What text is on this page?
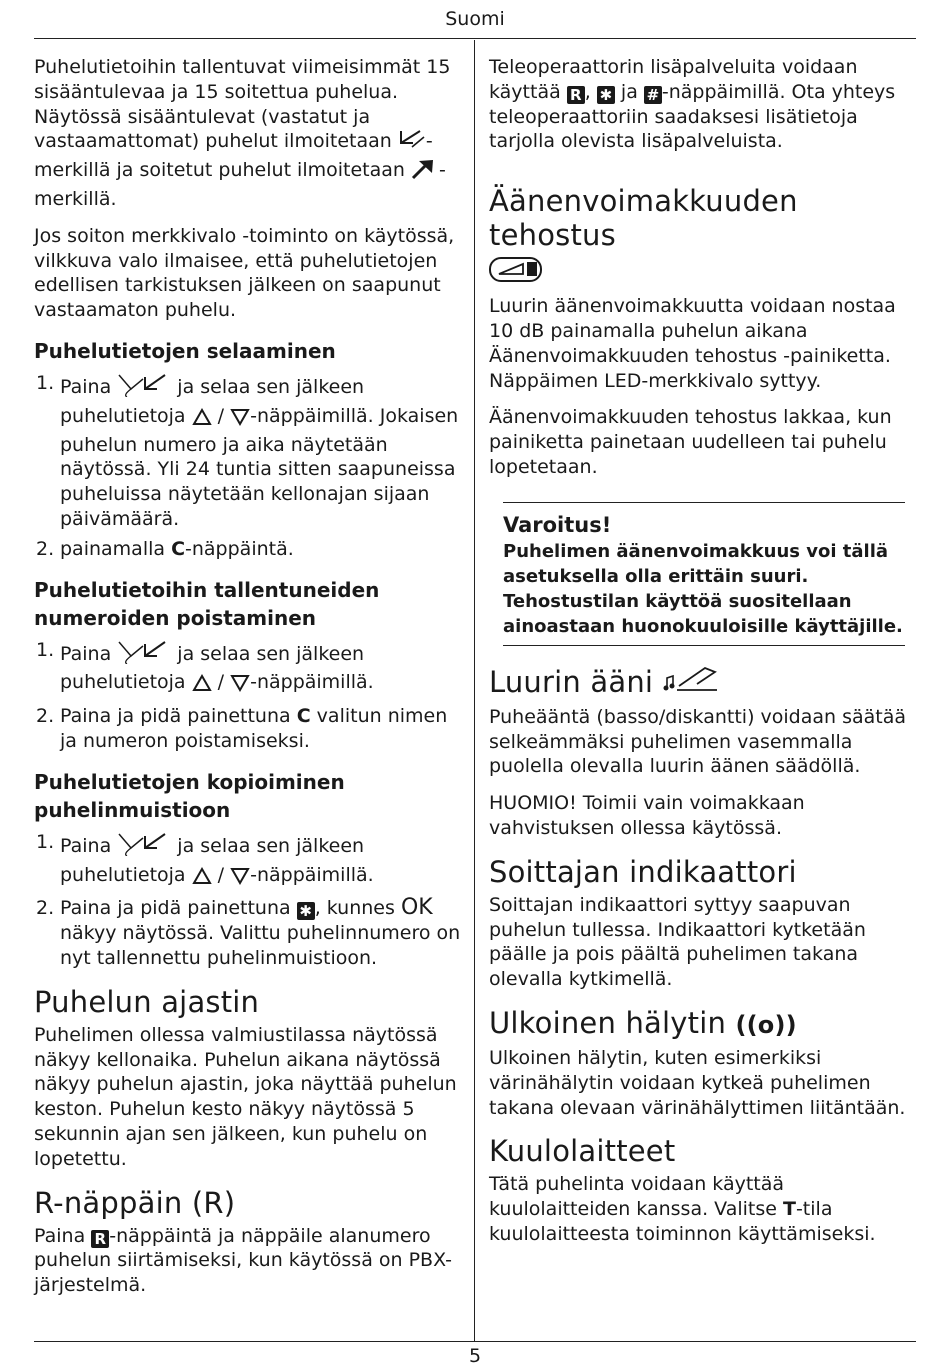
Suomi

Puhelutietoihin tallentuvat viimeisimmät 15 sisääntulevaa ja 15 soitettua puhelua. Näytössä sisääntulevat (vastatut ja vastaamattomat) puhelut ilmoitetaan -merkillä ja soitetut puhelut ilmoitetaan -merkillä.

Jos soiton merkkivalo -toiminto on käytössä, vilkkuva valo ilmaisee, että puhelutietojen edellisen tarkistuksen jälkeen on saapunut vastaamaton puhelu.

Puhelutietojen selaaminen
1. Paina	ja selaa sen jälkeen puhelutietoja  / -näppäimillä. Jokaisen puhelun numero ja aika näytetään näytössä. Yli 24 tuntia sitten saapuneissa puheluissa näytetään kellonajan sijaan päivämäärä.
2. painamalla C-näppäintä.
Puhelutietoihin tallentuneiden numeroiden poistaminen
1. Paina	ja selaa sen jälkeen puhelutietoja  / -näppäimillä.
2. Paina ja pidä painettuna C valitun nimen ja numeron poistamiseksi.
Puhelutietojen kopioiminen puhelinmuistioon
1. Paina	ja selaa sen jälkeen puhelutietoja  / -näppäimillä.
2. Paina ja pidä painettuna ✱ , kunnes OK näkyy näytössä. Valittu puhelinnumero on nyt tallennettu puhelinmuistioon.
Puhelun ajastin

Puhelimen ollessa valmiustilassa näytössä näkyy kellonaika. Puhelun aikana näytössä näkyy puhelun ajastin, joka näyttää puhelun keston. Puhelun kesto näkyy näytössä 5 sekunnin ajan sen jälkeen, kun puhelu on lopetettu.

R-näppäin (R)

Paina R -näppäintä ja näppäile alanumero puhelun siirtämiseksi, kun käytössä on PBX-järjestelmä.

Teleoperaattorin lisäpalveluita voidaan käyttää R , ✱ ja # -näppäimillä. Ota yhteys teleoperaattoriin saadaksesi lisätietoja tarjolla olevista lisäpalveluista.

Äänenvoimakkuuden tehostus

Luurin äänenvoimakkuutta voidaan nostaa 10 dB painamalla puhelun aikana Äänenvoimakkuuden tehostus -painiketta. Näppäimen LED-merkkivalo syttyy.

Äänenvoimakkuuden tehostus lakkaa, kun painiketta painetaan uudelleen tai puhelu lopetetaan.

Varoitus!
Puhelimen äänenvoimakkuus voi tällä asetuksella olla erittäin suuri. Tehostustilan käyttöä suositellaan ainoastaan huonokuuloisille käyttäjille.
Luurin ääni

Puheääntä (basso/diskantti) voidaan säätää selkeämmäksi puhelimen vasemmalla puolella olevalla luurin äänen säädöllä.

HUOMIO! Toimii vain voimakkaan vahvistuksen ollessa käytössä.

Soittajan indikaattori

Soittajan indikaattori syttyy saapuvan puhelun tullessa. Indikaattori kytketään päälle ja pois päältä puhelimen takana olevalla kytkimellä.

Ulkoinen hälytin ((o))

Ulkoinen hälytin, kuten esimerkiksi värinähälytin voidaan kytkeä puhelimen takana olevaan värinähälyttimen liitäntään.

Kuulolaitteet

Tätä puhelinta voidaan käyttää kuulolaitteiden kanssa. Valitse T-tila kuulolaitteesta toiminnon käyttämiseksi.

5
